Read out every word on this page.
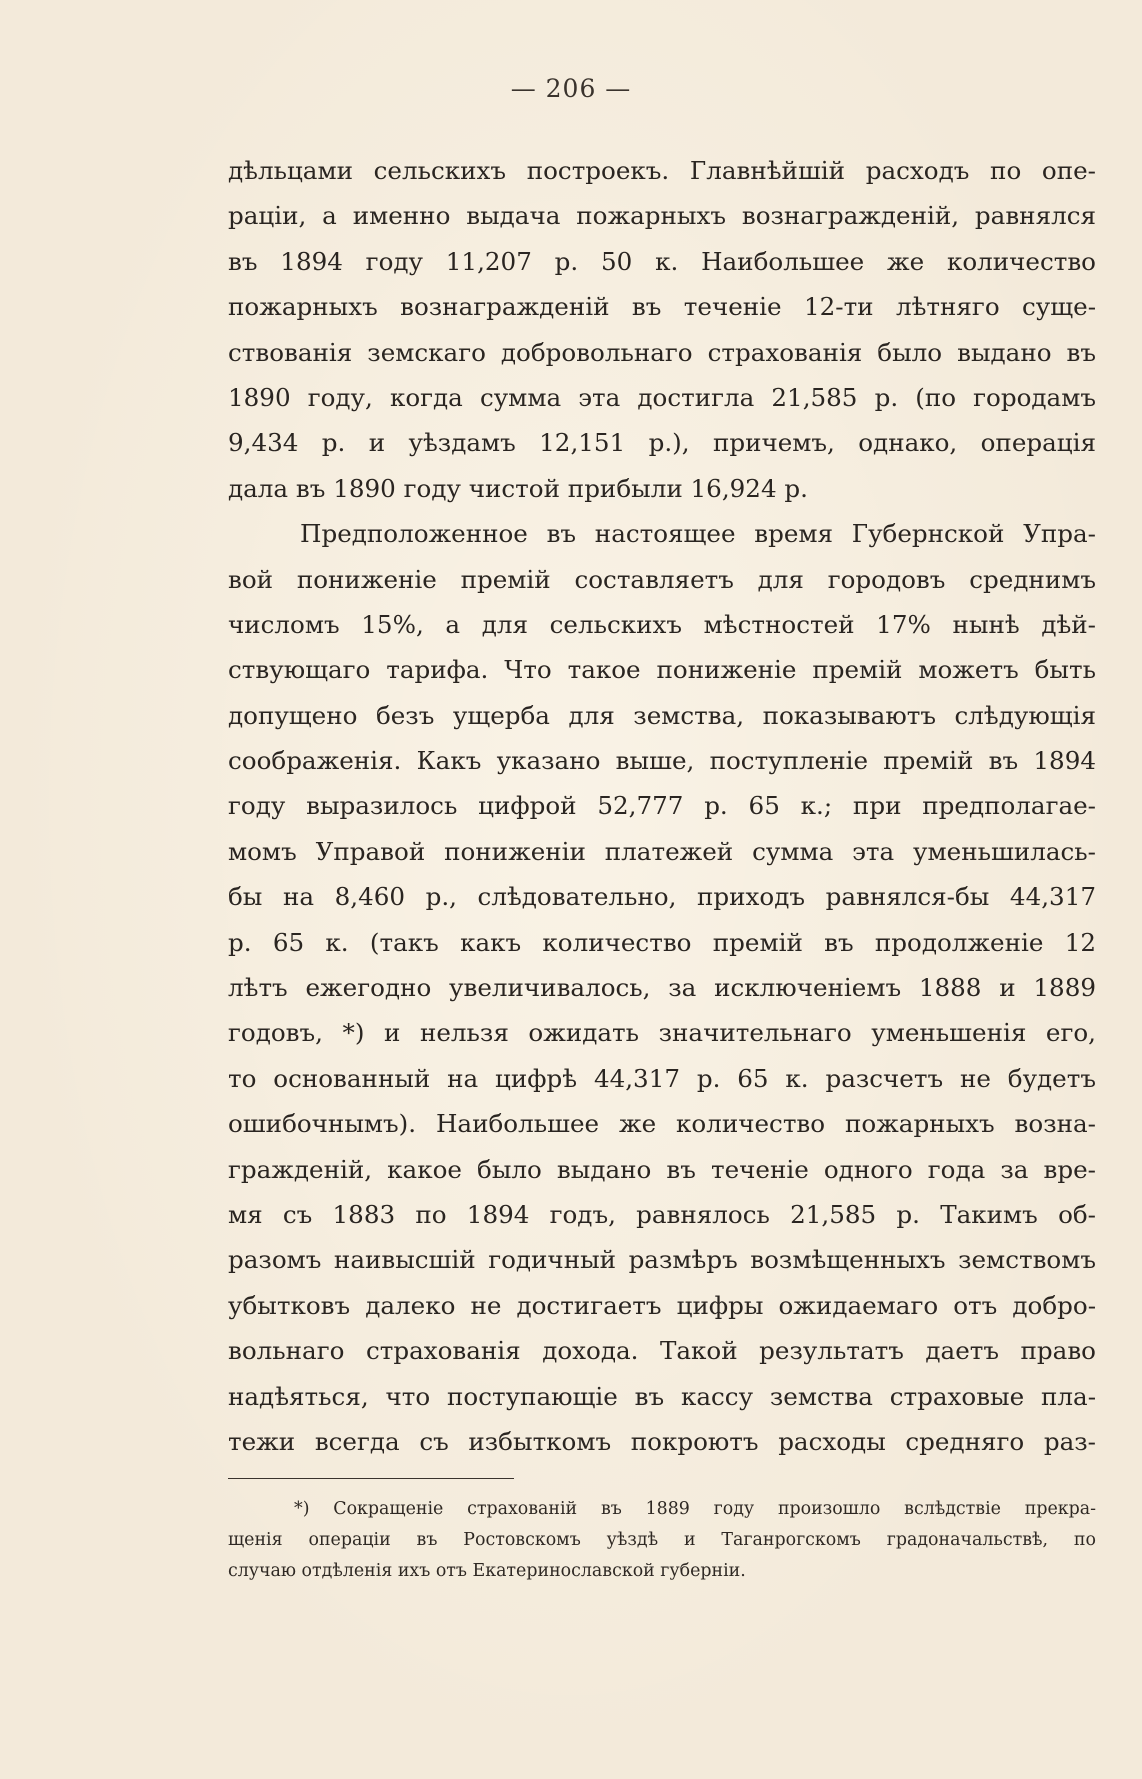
— 206 —
дѣльцами сельскихъ построекъ. Главнѣйшій расходъ по опе-
раціи, а именно выдача пожарныхъ вознагражденій, равнялся
въ 1894 году 11,207 р. 50 к. Наибольшее же количество
пожарныхъ вознагражденій въ теченіе 12-ти лѣтняго суще-
ствованія земскаго добровольнаго страхованія было выдано въ
1890 году, когда сумма эта достигла 21,585 р. (по городамъ
9,434 р. и уѣздамъ 12,151 р.), причемъ, однако, операція
дала въ 1890 году чистой прибыли 16,924 р.
Предположенное въ настоящее время Губернской Упра-
вой пониженіе премій составляетъ для городовъ среднимъ
числомъ 15%, а для сельскихъ мѣстностей 17% нынѣ дѣй-
ствующаго тарифа. Что такое пониженіе премій можетъ быть
допущено безъ ущерба для земства, показываютъ слѣдующія
соображенія. Какъ указано выше, поступленіе премій въ 1894
году выразилось цифрой 52,777 р. 65 к.; при предполагае-
момъ Управой пониженіи платежей сумма эта уменьшилась-
бы на 8,460 р., слѣдовательно, приходъ равнялся-бы 44,317
р. 65 к. (такъ какъ количество премій въ продолженіе 12
лѣтъ ежегодно увеличивалось, за исключеніемъ 1888 и 1889
годовъ, *) и нельзя ожидать значительнаго уменьшенія его,
то основанный на цифрѣ 44,317 р. 65 к. разсчетъ не будетъ
ошибочнымъ). Наибольшее же количество пожарныхъ возна-
гражденій, какое было выдано въ теченіе одного года за вре-
мя съ 1883 по 1894 годъ, равнялось 21,585 р. Такимъ об-
разомъ наивысшій годичный размѣръ возмѣщенныхъ земствомъ
убытковъ далеко не достигаетъ цифры ожидаемаго отъ добро-
вольнаго страхованія дохода. Такой результатъ даетъ право
надѣяться, что поступающіе въ кассу земства страховые пла-
тежи всегда съ избыткомъ покроютъ расходы средняго раз-
*) Сокращеніе страхованій въ 1889 году произошло вслѣдствіе прекра-
щенія операціи въ Ростовскомъ уѣздѣ и Таганрогскомъ градоначальствѣ, по
случаю отдѣленія ихъ отъ Екатеринославской губерніи.
